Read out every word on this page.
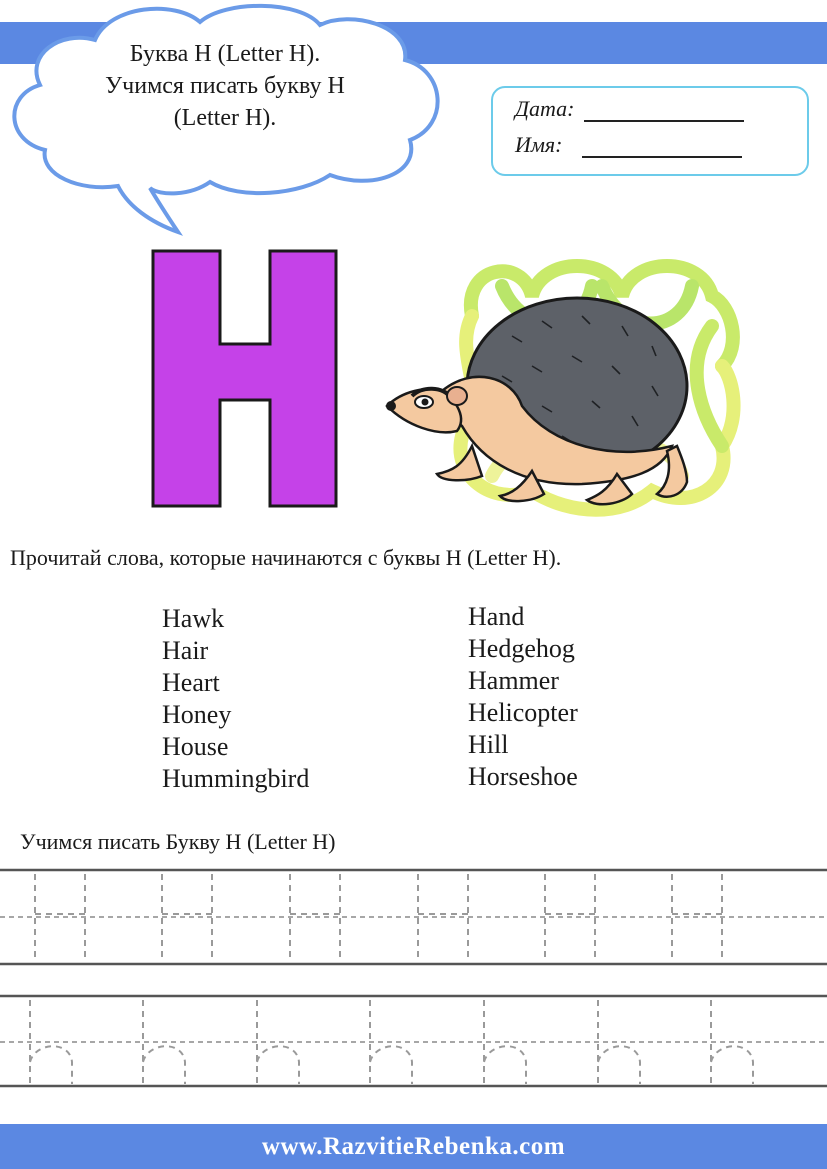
Буква H (Letter H).
Учимся писать букву H
(Letter H).	Дата:
Имя:
Прочитай слова, которые начинаются с буквы H (Letter H).
Hawk
Hair
Heart
Honey
House
Hummingbird
Hand
Hedgehog
Hammer
Helicopter
Hill
Horseshoe
Учимся писать Букву H (Letter H)
www.RazvitieRebenka.com
